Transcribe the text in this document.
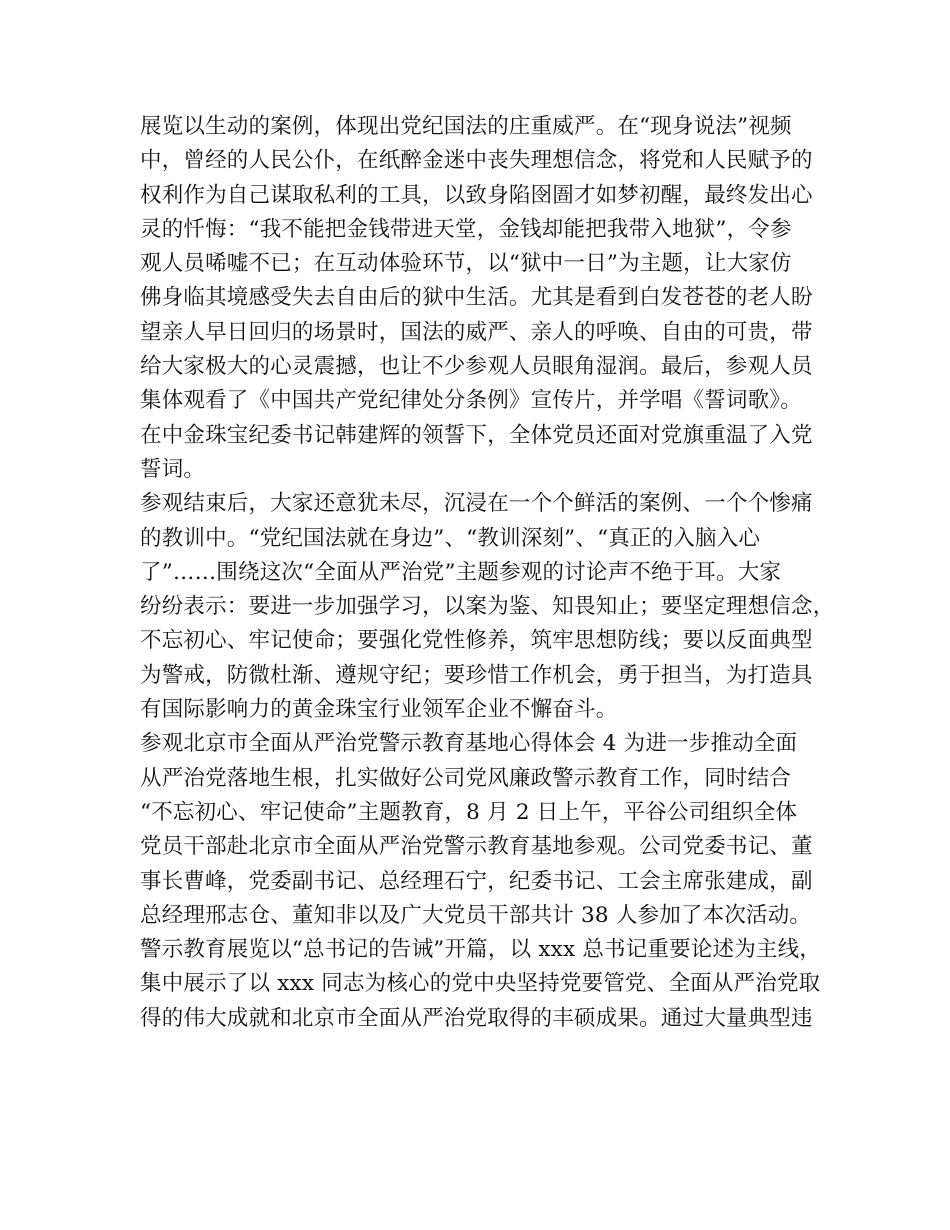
展览以生动的案例，体现出党纪国法的庄重威严。在“现身说法”视频
中，曾经的人民公仆，在纸醉金迷中丧失理想信念，将党和人民赋予的
权利作为自己谋取私利的工具，以致身陷囹圄才如梦初醒，最终发出心
灵的忏悔：“我不能把金钱带进天堂，金钱却能把我带入地狱”，令参
观人员唏嘘不已；在互动体验环节，以“狱中一日”为主题，让大家仿
佛身临其境感受失去自由后的狱中生活。尤其是看到白发苍苍的老人盼
望亲人早日回归的场景时，国法的威严、亲人的呼唤、自由的可贵，带
给大家极大的心灵震撼，也让不少参观人员眼角湿润。最后，参观人员
集体观看了《中国共产党纪律处分条例》宣传片，并学唱《誓词歌》。
在中金珠宝纪委书记韩建辉的领誓下，全体党员还面对党旗重温了入党
誓词。
参观结束后，大家还意犹未尽，沉浸在一个个鲜活的案例、一个个惨痛
的教训中。“党纪国法就在身边”、“教训深刻”、“真正的入脑入心
了”……围绕这次“全面从严治党”主题参观的讨论声不绝于耳。大家
纷纷表示：要进一步加强学习，以案为鉴、知畏知止；要坚定理想信念，
不忘初心、牢记使命；要强化党性修养，筑牢思想防线；要以反面典型
为警戒，防微杜渐、遵规守纪；要珍惜工作机会，勇于担当，为打造具
有国际影响力的黄金珠宝行业领军企业不懈奋斗。
参观北京市全面从严治党警示教育基地心得体会 4 为进一步推动全面
从严治党落地生根，扎实做好公司党风廉政警示教育工作，同时结合
“不忘初心、牢记使命”主题教育，8 月 2 日上午，平谷公司组织全体
党员干部赴北京市全面从严治党警示教育基地参观。公司党委书记、董
事长曹峰，党委副书记、总经理石宁，纪委书记、工会主席张建成，副
总经理邢志仓、董知非以及广大党员干部共计 38 人参加了本次活动。
警示教育展览以“总书记的告诫”开篇，以 xxx 总书记重要论述为主线，
集中展示了以 xxx 同志为核心的党中央坚持党要管党、全面从严治党取
得的伟大成就和北京市全面从严治党取得的丰硕成果。通过大量典型违
